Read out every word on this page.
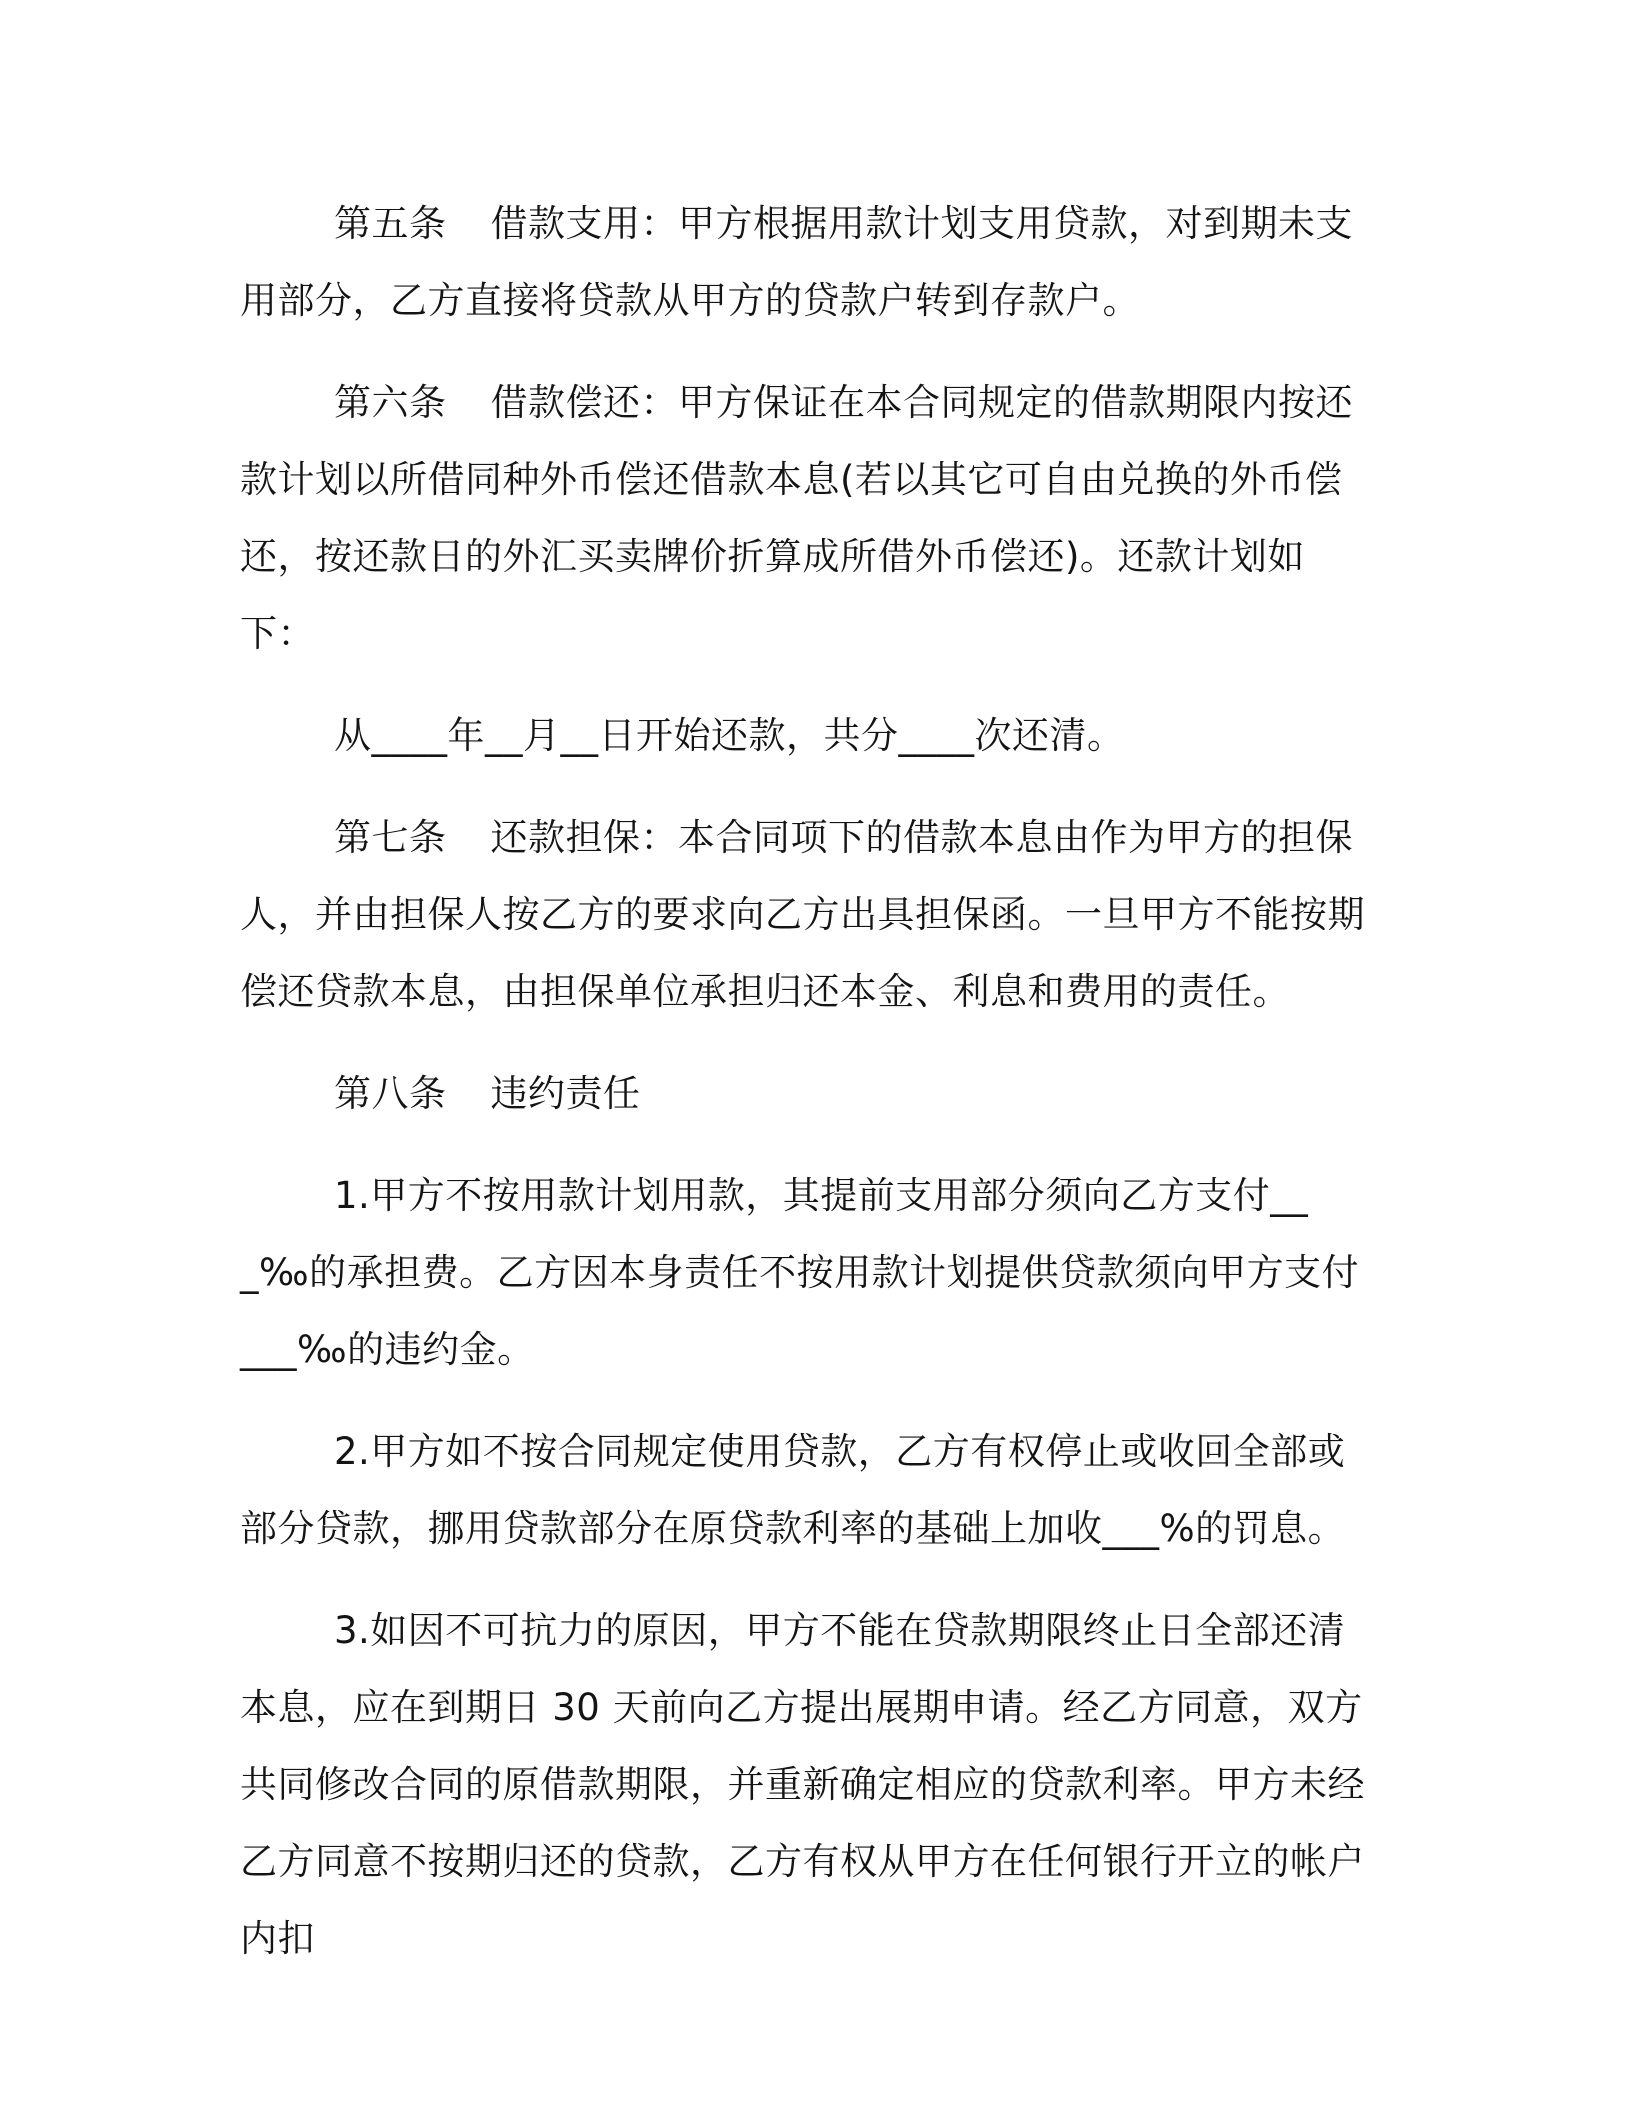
第五条 借款支用：甲方根据用款计划支用贷款，对到期未支用部分，乙方直接将贷款从甲方的贷款户转到存款户。

第六条 借款偿还：甲方保证在本合同规定的借款期限内按还款计划以所借同种外币偿还借款本息(若以其它可自由兑换的外币偿还，按还款日的外汇买卖牌价折算成所借外币偿还)。还款计划如下：

从____年__月__日开始还款，共分____次还清。

第七条 还款担保：本合同项下的借款本息由作为甲方的担保人，并由担保人按乙方的要求向乙方出具担保函。一旦甲方不能按期偿还贷款本息，由担保单位承担归还本金、利息和费用的责任。

第八条 违约责任

1.甲方不按用款计划用款，其提前支用部分须向乙方支付___‰的承担费。乙方因本身责任不按用款计划提供贷款须向甲方支付___‰的违约金。

2.甲方如不按合同规定使用贷款，乙方有权停止或收回全部或部分贷款，挪用贷款部分在原贷款利率的基础上加收___%的罚息。

3.如因不可抗力的原因，甲方不能在贷款期限终止日全部还清本息，应在到期日 30 天前向乙方提出展期申请。经乙方同意，双方共同修改合同的原借款期限，并重新确定相应的贷款利率。甲方未经乙方同意不按期归还的贷款，乙方有权从甲方在任何银行开立的帐户内扣
